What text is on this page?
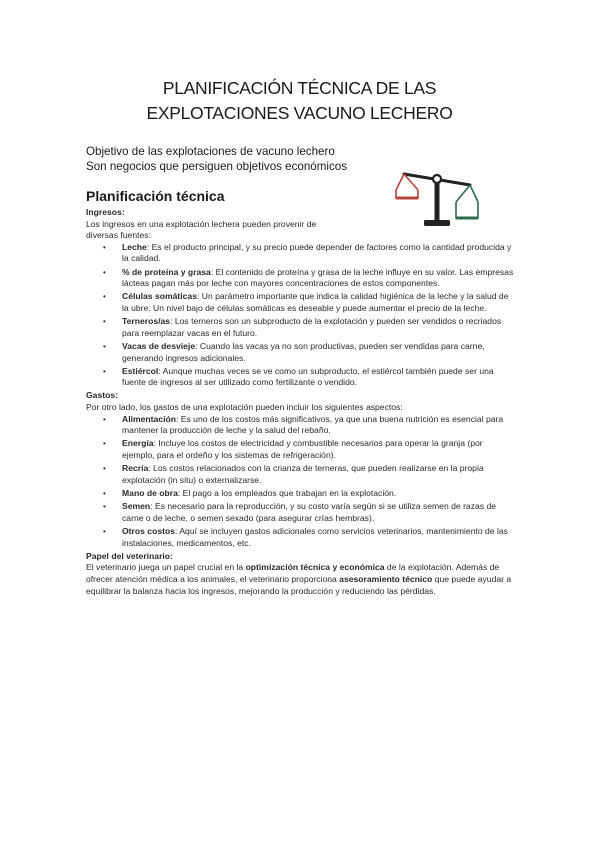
PLANIFICACIÓN TÉCNICA DE LAS
EXPLOTACIONES VACUNO LECHERO
Objetivo de las explotaciones de vacuno lechero
Son negocios que persiguen objetivos económicos
Planificación técnica

Ingresos:

Los ingresos en una explotación lechera pueden provenir de
diversas fuentes:

• Leche: Es el producto principal, y su precio puede depender de factores como la cantidad producida y la calidad.
• % de proteína y grasa: El contenido de proteína y grasa de la leche influye en su valor. Las empresas lácteas pagan más por leche con mayores concentraciones de estos componentes.
• Células somáticas: Un parámetro importante que indica la calidad higiénica de la leche y la salud de la ubre. Un nivel bajo de células somáticas es deseable y puede aumentar el precio de la leche.
• Terneros/as: Los terneros son un subproducto de la explotación y pueden ser vendidos o recriados para reemplazar vacas en el futuro.
• Vacas de desvieje: Cuando las vacas ya no son productivas, pueden ser vendidas para carne, generando ingresos adicionales.
• Estiércol: Aunque muchas veces se ve como un subproducto, el estiércol también puede ser una fuente de ingresos al ser utilizado como fertilizante o vendido.

Gastos:

Por otro lado, los gastos de una explotación pueden incluir los siguientes aspectos:

• Alimentación: Es uno de los costos más significativos, ya que una buena nutrición es esencial para mantener la producción de leche y la salud del rebaño.
• Energía: Incluye los costos de electricidad y combustible necesarios para operar la granja (por ejemplo, para el ordeño y los sistemas de refrigeración).
• Recría: Los costos relacionados con la crianza de terneras, que pueden realizarse en la propia explotación (in situ) o externalizarse.
• Mano de obra: El pago a los empleados que trabajan en la explotación.
• Semen: Es necesario para la reproducción, y su costo varía según si se utiliza semen de razas de carne o de leche, o semen sexado (para asegurar crías hembras).
• Otros costos: Aquí se incluyen gastos adicionales como servicios veterinarios, mantenimiento de las instalaciones, medicamentos, etc.

Papel del veterinario:

El veterinario juega un papel crucial en la optimización técnica y económica de la explotación. Además de ofrecer atención médica a los animales, el veterinario proporciona asesoramiento técnico que puede ayudar a equilibrar la balanza hacia los ingresos, mejorando la producción y reduciendo las pérdidas.
